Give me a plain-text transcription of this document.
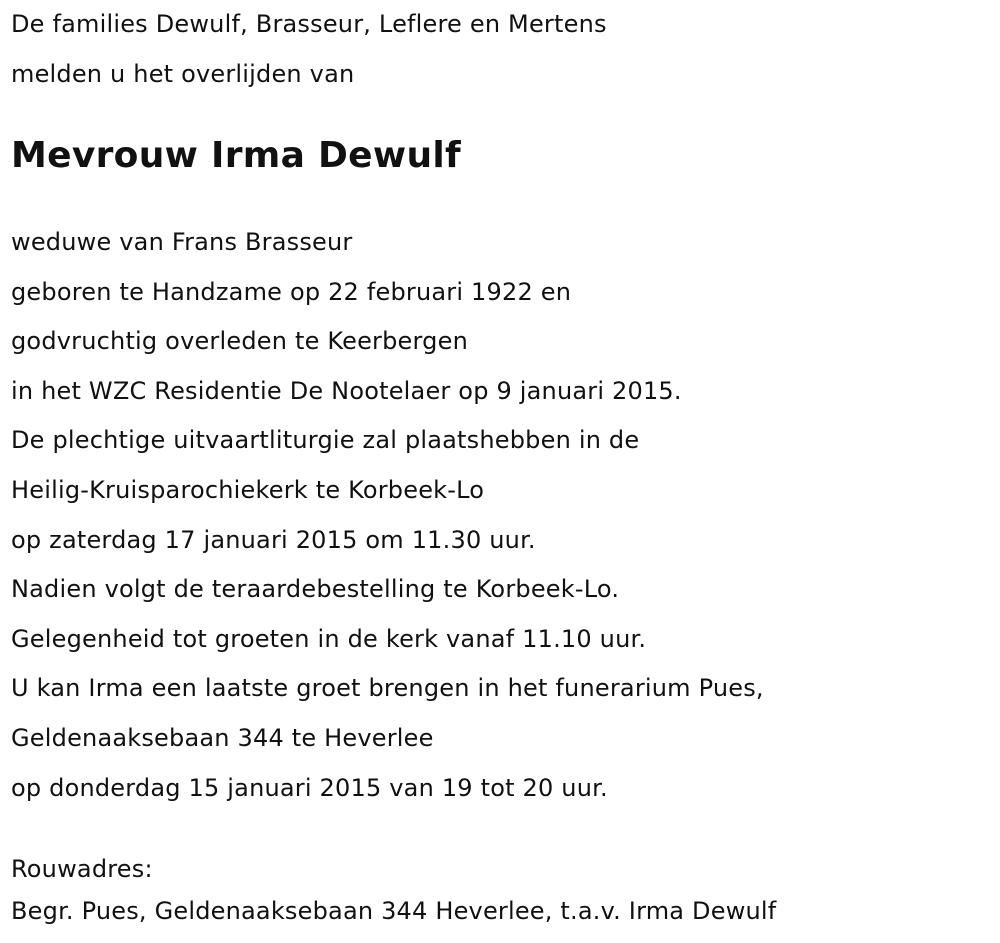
De families Dewulf, Brasseur, Leflere en Mertens
melden u het overlijden van
Mevrouw Irma Dewulf
weduwe van Frans Brasseur
geboren te Handzame op 22 februari 1922 en
godvruchtig overleden te Keerbergen
in het WZC Residentie De Nootelaer op 9 januari 2015.
De plechtige uitvaartliturgie zal plaatshebben in de
Heilig-Kruisparochiekerk te Korbeek-Lo
op zaterdag 17 januari 2015 om 11.30 uur.
Nadien volgt de teraardebestelling te Korbeek-Lo.
Gelegenheid tot groeten in de kerk vanaf 11.10 uur.
U kan Irma een laatste groet brengen in het funerarium Pues,
Geldenaaksebaan 344 te Heverlee
op donderdag 15 januari 2015 van 19 tot 20 uur.
Rouwadres:
Begr. Pues, Geldenaaksebaan 344 Heverlee, t.a.v. Irma Dewulf
